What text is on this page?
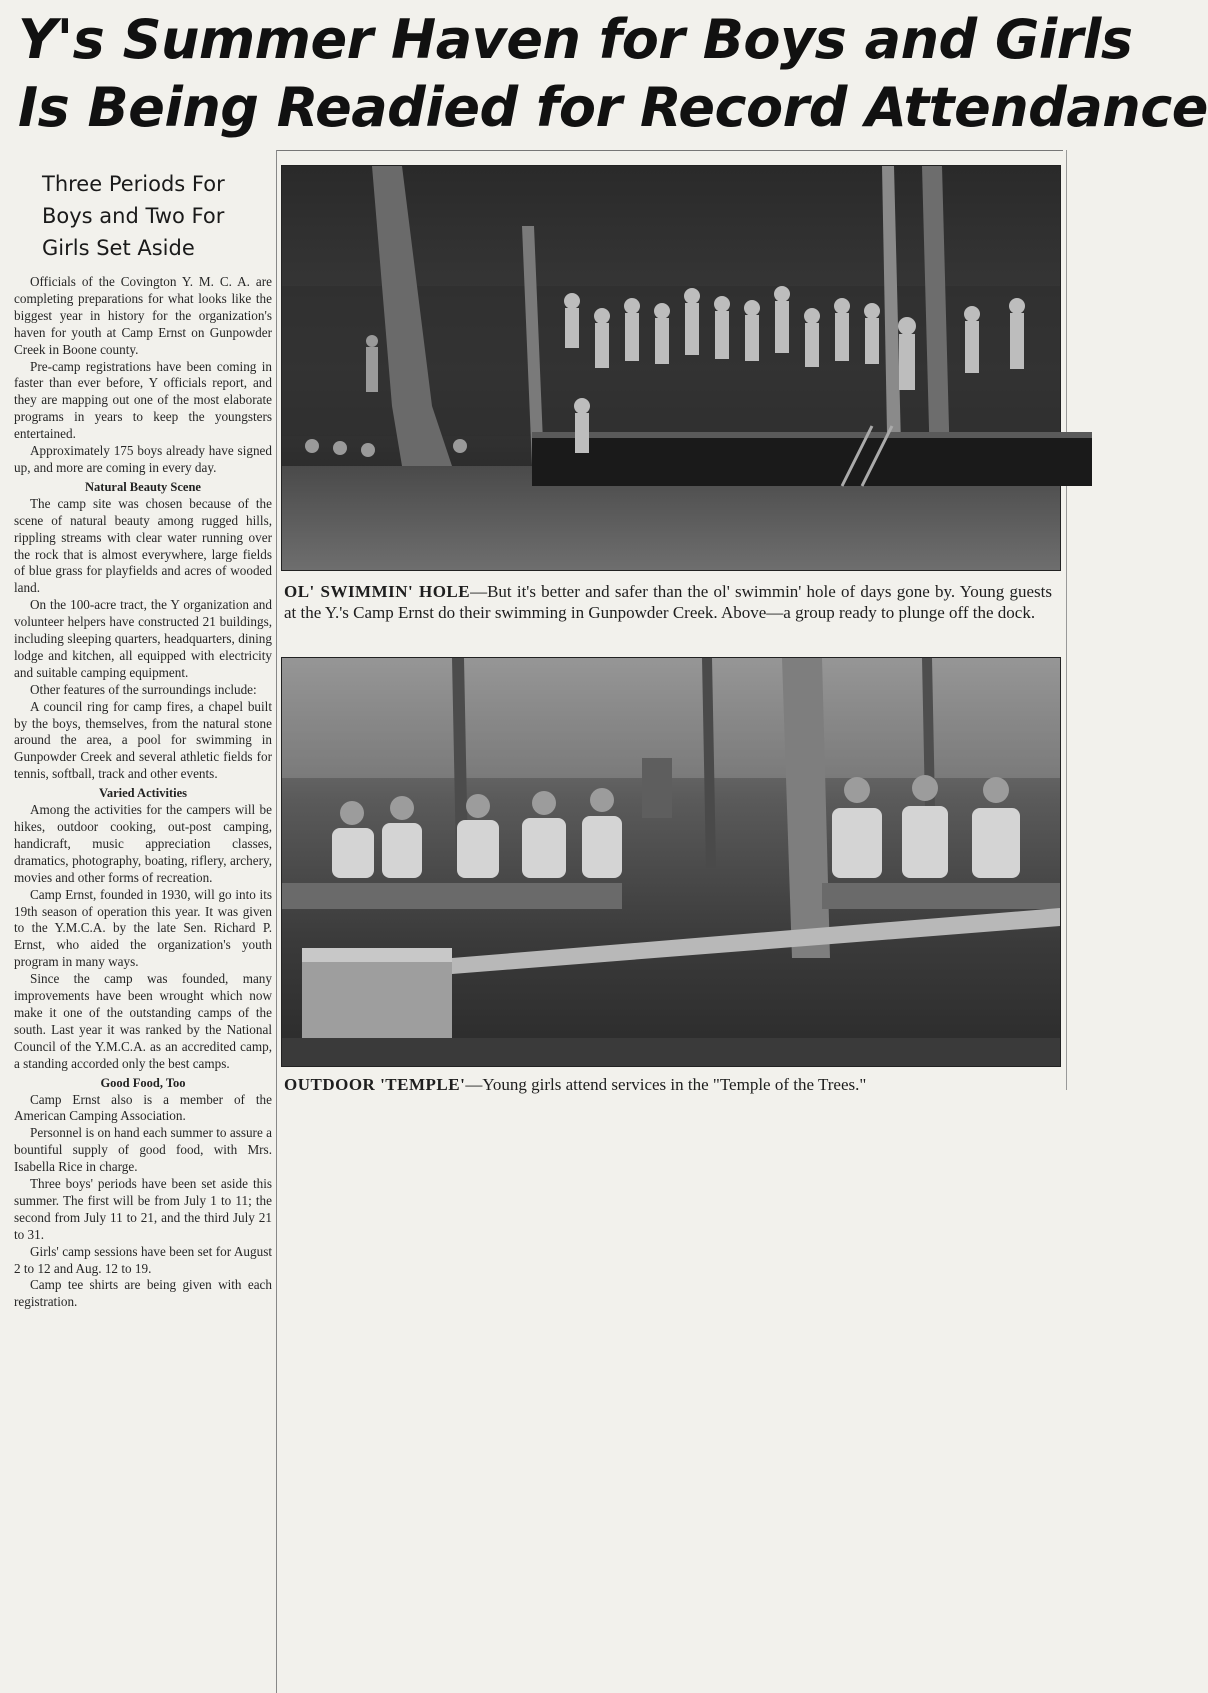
Y's Summer Haven for Boys and Girls
Is Being Readied for Record Attendance
Three Periods For
Boys and Two For
Girls Set Aside

Officials of the Covington Y. M. C. A. are completing preparations for what looks like the biggest year in history for the organization's haven for youth at Camp Ernst on Gunpowder Creek in Boone county.

Pre-camp registrations have been coming in faster than ever before, Y officials report, and they are mapping out one of the most elaborate programs in years to keep the youngsters entertained.

Approximately 175 boys already have signed up, and more are coming in every day.

Natural Beauty Scene

The camp site was chosen because of the scene of natural beauty among rugged hills, rippling streams with clear water running over the rock that is almost everywhere, large fields of blue grass for playfields and acres of wooded land.

On the 100-acre tract, the Y organization and volunteer helpers have constructed 21 buildings, including sleeping quarters, headquarters, dining lodge and kitchen, all equipped with electricity and suitable camping equipment.

Other features of the surroundings include:

A council ring for camp fires, a chapel built by the boys, themselves, from the natural stone around the area, a pool for swimming in Gunpowder Creek and several athletic fields for tennis, softball, track and other events.

Varied Activities

Among the activities for the campers will be hikes, outdoor cooking, out-post camping, handicraft, music appreciation classes, dramatics, photography, boating, riflery, archery, movies and other forms of recreation.

Camp Ernst, founded in 1930, will go into its 19th season of operation this year. It was given to the Y.M.C.A. by the late Sen. Richard P. Ernst, who aided the organization's youth program in many ways.

Since the camp was founded, many improvements have been wrought which now make it one of the outstanding camps of the south. Last year it was ranked by the National Council of the Y.M.C.A. as an accredited camp, a standing accorded only the best camps.

Good Food, Too

Camp Ernst also is a member of the American Camping Association.

Personnel is on hand each summer to assure a bountiful supply of good food, with Mrs. Isabella Rice in charge.

Three boys' periods have been set aside this summer. The first will be from July 1 to 11; the second from July 11 to 21, and the third July 21 to 31.

Girls' camp sessions have been set for August 2 to 12 and Aug. 12 to 19.

Camp tee shirts are being given with each registration.

OL' SWIMMIN' HOLE—But it's better and safer than the ol' swimmin' hole of days gone by. Young guests at the Y.'s Camp Ernst do their swimming in Gunpowder Creek. Above—a group ready to plunge off the dock.
OUTDOOR 'TEMPLE'—Young girls attend services in the "Temple of the Trees."
